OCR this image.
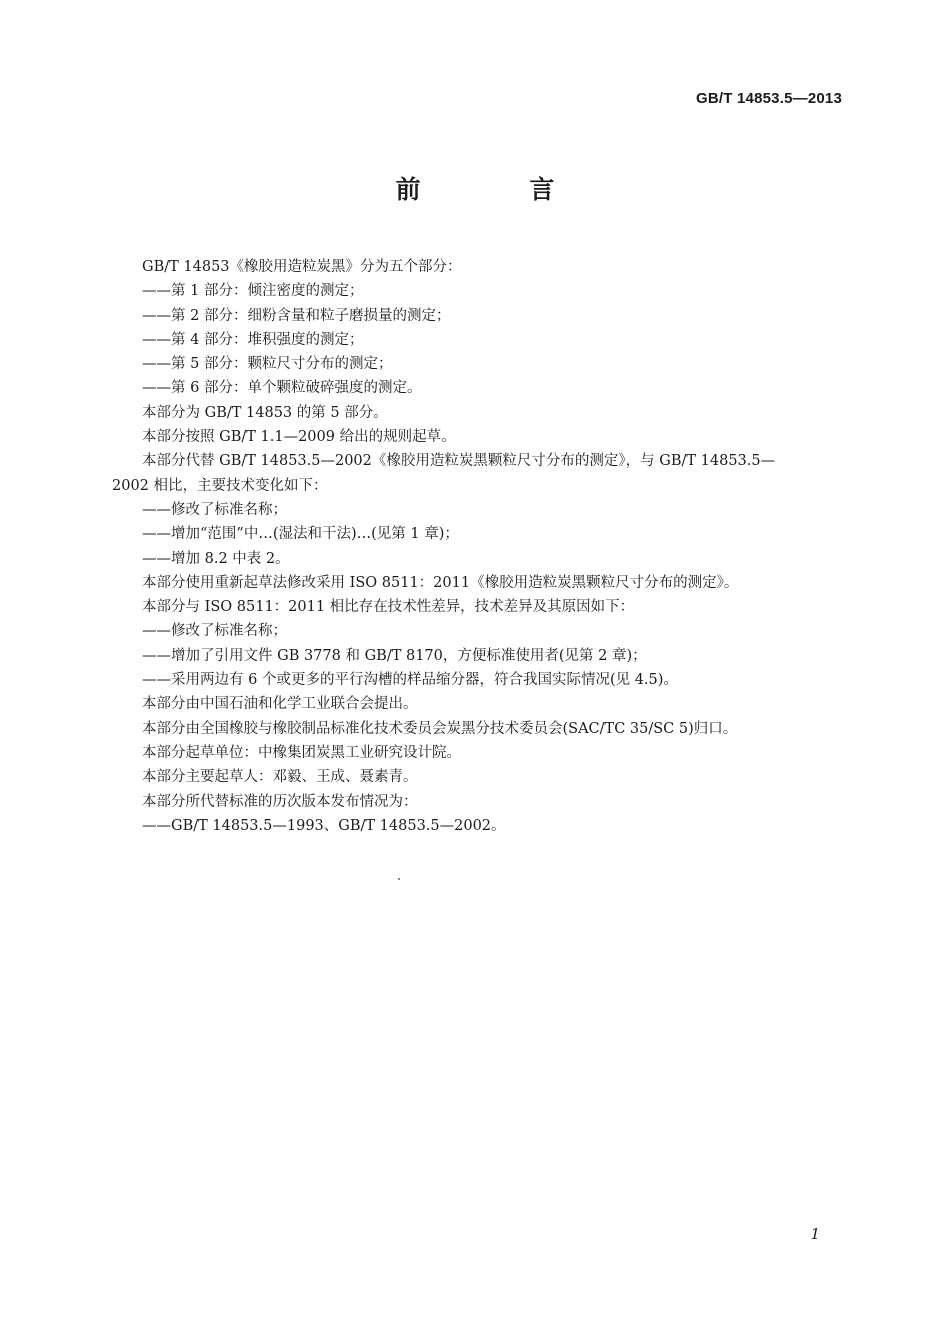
GB/T 14853.5—2013
前 言
GB/T 14853《橡胶用造粒炭黑》分为五个部分：
——第 1 部分：倾注密度的测定；
——第 2 部分：细粉含量和粒子磨损量的测定；
——第 4 部分：堆积强度的测定；
——第 5 部分：颗粒尺寸分布的测定；
——第 6 部分：单个颗粒破碎强度的测定。
本部分为 GB/T 14853 的第 5 部分。
本部分按照 GB/T 1.1—2009 给出的规则起草。
本部分代替 GB/T 14853.5—2002《橡胶用造粒炭黑颗粒尺寸分布的测定》，与 GB/T 14853.5—
2002 相比，主要技术变化如下：
——修改了标准名称；
——增加“范围”中…(湿法和干法)…(见第 1 章)；
——增加 8.2 中表 2。
本部分使用重新起草法修改采用 ISO 8511：2011《橡胶用造粒炭黑颗粒尺寸分布的测定》。
本部分与 ISO 8511：2011 相比存在技术性差异，技术差异及其原因如下：
——修改了标准名称；
——增加了引用文件 GB 3778 和 GB/T 8170，方便标准使用者(见第 2 章)；
——采用两边有 6 个或更多的平行沟槽的样品缩分器，符合我国实际情况(见 4.5)。
本部分由中国石油和化学工业联合会提出。
本部分由全国橡胶与橡胶制品标准化技术委员会炭黑分技术委员会(SAC/TC 35/SC 5)归口。
本部分起草单位：中橡集团炭黑工业研究设计院。
本部分主要起草人：邓毅、王成、聂素青。
本部分所代替标准的历次版本发布情况为：
——GB/T 14853.5—1993、GB/T 14853.5—2002。
1
